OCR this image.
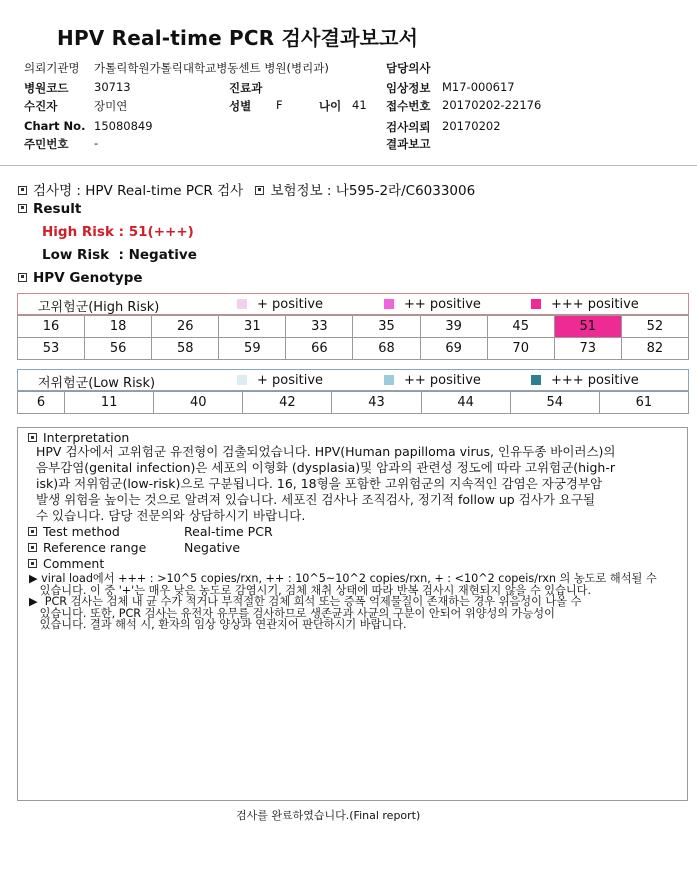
HPV Real-time PCR 검사결과보고서
의뢰기관명 가톨릭학원가톨릭대학교병동센트 병원(병리과)	담당의사
병원코드 30713	진료과	임상정보 M17-000617
수진자	장미연	성별 F	나이 41 접수번호 20170202-22176
Chart No. 15080849	검사의뢰 20170202
주민번호 -	결과보고
검사명 : HPV Real-time PCR 검사 보험정보 : 나595-2라/C6033006
Result
High Risk : 51(+++)
Low Risk  : Negative
HPV Genotype
고위험군(High Risk)	+ positive	++ positive	+++ positive
16	18	26	31	33	35	39	45	51	52
53	56	58	59	66	68	69	70	73	82
저위험군(Low Risk)	+ positive	++ positive	+++ positive
6	11	40	42	43	44	54	61
Interpretation
HPV 검사에서 고위험군 유전형이 검출되었습니다. HPV(Human papilloma virus, 인유두종 바이러스)의
음부감염(genital infection)은 세포의 이형화 (dysplasia)및 암과의 관련성 정도에 따라 고위험군(high-r
isk)과 저위험군(low-risk)으로 구분됩니다. 16, 18형을 포함한 고위험군의 지속적인 감염은 자궁경부암
발생 위험을 높이는 것으로 알려져 있습니다. 세포진 검사나 조직검사, 정기적 follow up 검사가 요구될
수 있습니다. 담당 전문의와 상담하시기 바랍니다.
Test method	Real-time PCR
Reference range	Negative
Comment
▶ viral load에서 +++ : >10^5 copies/rxn, ++ : 10^5~10^2 copies/rxn, + : <10^2 copeis/rxn 의 농도로 해석될 수
있습니다. 이 중 '+'는 매우 낮은 농도로 감염시기, 검체 채취 상태에 따라 반복 검사시 재현되지 않을 수 있습니다.
▶  PCR 검사는 검체 내 균 수가 적거나 부적절한 검체 희석 또는 증폭 억제물질이 존재하는 경우 위음성이 나올 수
있습니다. 또한, PCR 검사는 유전자 유무를 검사하므로 생존균과 사균의 구분이 안되어 위양성의 가능성이
있습니다. 결과 해석 시, 환자의 임상 양상과 연관지어 판단하시기 바랍니다.
검사를 완료하였습니다.(Final report)
